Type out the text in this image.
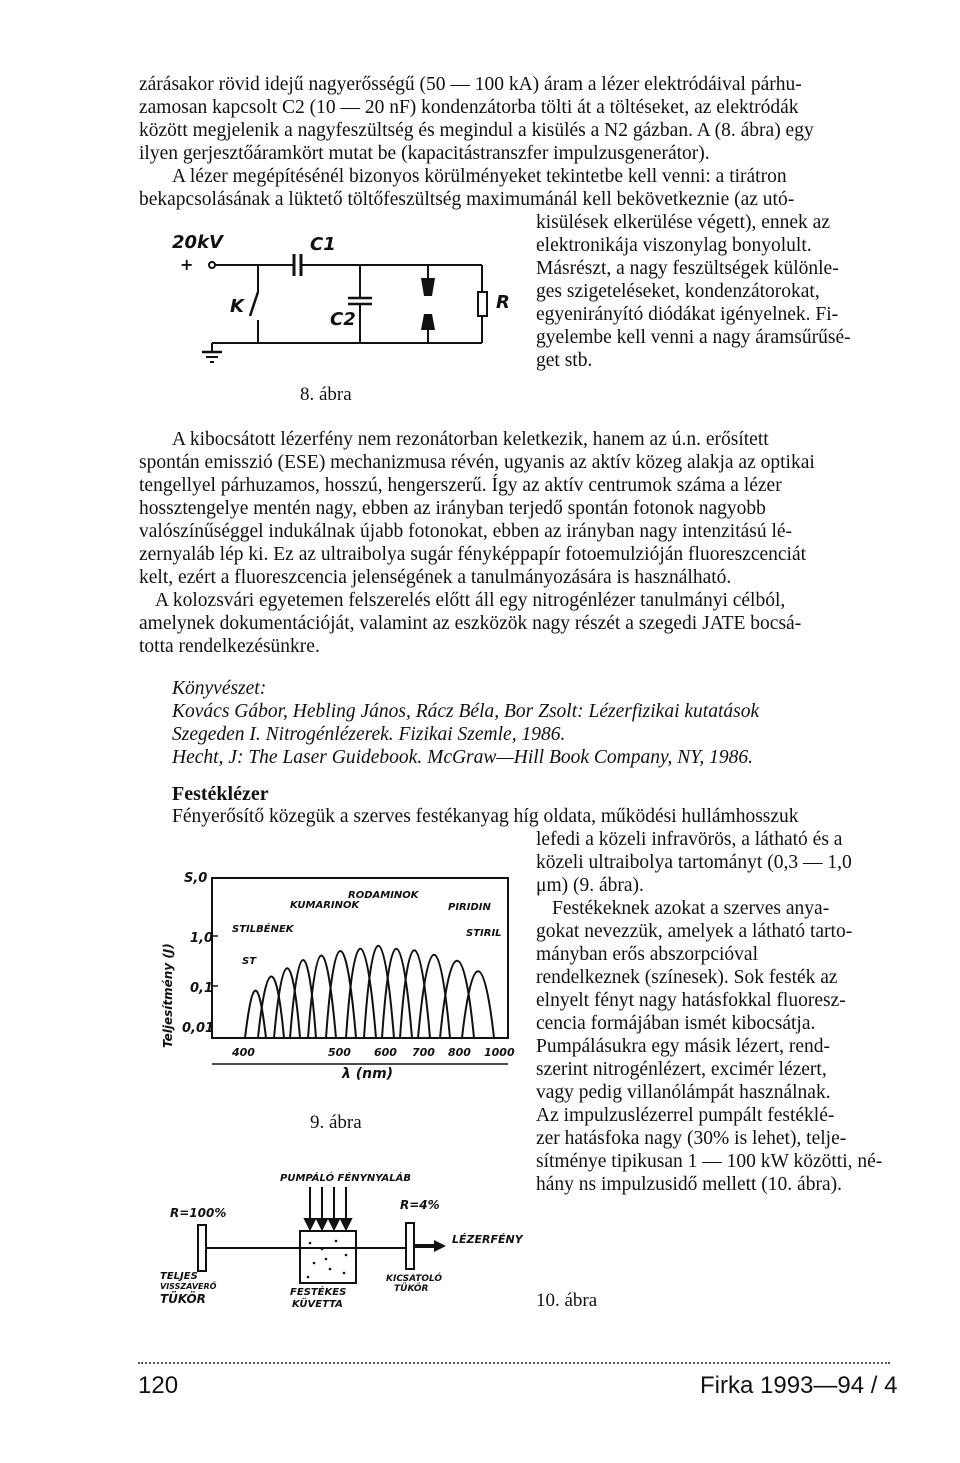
zárásakor rövid idejű nagyerősségű (50 — 100 kA) áram a lézer elektródáival párhu-
zamosan kapcsolt C2 (10 — 20 nF) kondenzátorba tölti át a töltéseket, az elektródák
között megjelenik a nagyfeszültség és megindul a kisülés a N2 gázban. A (8. ábra) egy
ilyen gerjesztőáramkört mutat be (kapacitástranszfer impulzusgenerátor).
A lézer megépítésénél bizonyos körülményeket tekintetbe kell venni: a tirátron
bekapcsolásának a lüktető töltőfeszültség maximumánál kell bekövetkeznie (az utó-
kisülések elkerülése végett), ennek az
elektronikája viszonylag bonyolult.
Másrészt, a nagy feszültségek különle-
ges szigeteléseket, kondenzátorokat,
egyenirányító diódákat igényelnek. Fi-
gyelembe kell venni a nagy áramsűrűsé-
get stb.
20kV
+
C1
K
C2
R
8. ábra
A kibocsátott lézerfény nem rezonátorban keletkezik, hanem az ú.n. erősített
spontán emisszió (ESE) mechanizmusa révén, ugyanis az aktív közeg alakja az optikai
tengellyel párhuzamos, hosszú, hengerszerű. Így az aktív centrumok száma a lézer
hossztengelye mentén nagy, ebben az irányban terjedő spontán fotonok nagyobb
valószínűséggel indukálnak újabb fotonokat, ebben az irányban nagy intenzitású lé-
zernyaláb lép ki. Ez az ultraibolya sugár fényképpapír fotoemulzióján fluoreszcenciát
kelt, ezért a fluoreszcencia jelenségének a tanulmányozására is használható.
A kolozsvári egyetemen felszerelés előtt áll egy nitrogénlézer tanulmányi célból,
amelynek dokumentációját, valamint az eszközök nagy részét a szegedi JATE bocsá-
totta rendelkezésünkre.
Könyvészet:
Kovács Gábor, Hebling János, Rácz Béla, Bor Zsolt: Lézerfizikai kutatások
Szegeden I. Nitrogénlézerek. Fizikai Szemle, 1986.
Hecht, J: The Laser Guidebook. McGraw—Hill Book Company, NY, 1986.
Festéklézer
Fényerősítő közegük a szerves festékanyag híg oldata, működési hullámhosszuk
lefedi a közeli infravörös, a látható és a
közeli ultraibolya tartományt (0,3 — 1,0
μm) (9. ábra).
Festékeknek azokat a szerves anya-
gokat nevezzük, amelyek a látható tarto-
mányban erős abszorpcióval
rendelkeznek (színesek). Sok festék az
elnyelt fényt nagy hatásfokkal fluoresz-
cencia formájában ismét kibocsátja.
Pumpálásukra egy másik lézert, rend-
szerint nitrogénlézert, excimér lézert,
vagy pedig villanólámpát használnak.
Az impulzuslézerrel pumpált festéklé-
zer hatásfoka nagy (30% is lehet), telje-
sítménye tipikusan 1 — 100 kW közötti, né-
hány ns impulzusidő mellett (10. ábra).
Teljesítmény (J)
S,0
1,0
0,1
0,01
RODAMINOK
KUMARINOK	PIRIDIN
STILBÉNEK	STIRIL
ST
400	500 600 700 800 1000
λ (nm)
9. ábra
PUMPÁLÓ FÉNYNYALÁB
R=100%
R=4%
LÉZERFÉNY
TELJES
VISSZAVERŐ
TÜKÖR	FESTÉKES
KÜVETTA
KICSATOLÓ
TÜKÖR
10. ábra
120	Firka 1993—94 / 4
